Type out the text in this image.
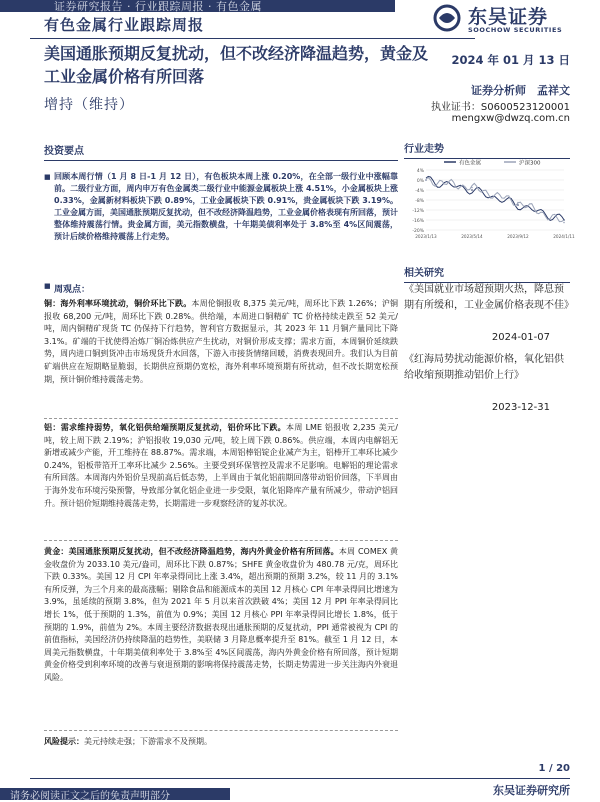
证券研究报告 · 行业跟踪周报 · 有色金属
有色金属行业跟踪周报	东吴证券
SOOCHOW SECURITIES
美国通胀预期反复扰动，但不改经济降温趋势，黄金及工业金属价格有所回落
增持（维持）
2024 年 01 月 13 日
证券分析师　孟祥文
执业证书：S0600523120001
mengxw@dwzq.com.cn
投资要点
■ 回顾本周行情（1 月 8 日-1 月 12 日），有色板块本周上涨 0.20%，在全部一级行业中涨幅靠前。二级行业方面，周内申万有色金属类二级行业中能源金属板块上涨 4.51%，小金属板块上涨 0.33%，金属新材料板块下跌 0.89%，工业金属板块下跌 0.91%，贵金属板块下跌 3.19%。工业金属方面，美国通胀预期反复扰动，但不改经济降温趋势，工业金属价格表现有所回落，预计整体维持震荡行情。贵金属方面，美元指数横盘，十年期美债利率处于 3.8%至 4%区间震荡，预计后续价格维持震荡上行走势。
■ 周观点：
铜：海外利率环境扰动，铜价环比下跌。本周伦铜报收 8,375 美元/吨，周环比下跌 1.26%；沪铜报收 68,200 元/吨，周环比下跌 0.28%。供给端，本周进口铜精矿 TC 价格持续走跌至 52 美元/吨，周内铜精矿现货 TC 仍保持下行趋势，智利官方数据显示，其 2023 年 11 月铜产量同比下降 3.1%。矿端的干扰使得冶炼厂铜冶炼供应产生扰动，对铜价形成支撑；需求方面，本周铜价延续跌势，周内进口铜到货冲击市场现货升水回落，下游入市接货情绪回暖，消费表现回升。我们认为目前矿端供应在短期略显脆弱，长期供应预期仍宽松，海外利率环境预期有所扰动，但不改长期宽松预期，预计铜价维持震荡走势。
铝：需求维持弱势，氧化铝供给端预期反复扰动，铝价环比下跌。本周 LME 铝报收 2,235 美元/吨，较上周下跌 2.19%；沪铝报收 19,030 元/吨，较上周下跌 0.86%。供应端，本周内电解铝无新增或减少产能，开工维持在 88.87%。需求端，本周铝棒铝锭企业减产为主，铝棒开工率环比减少 0.24%，铝板带箔开工率环比减少 2.56%。主要受到环保管控及需求不足影响。电解铝的理论需求有所回落。本周海内外铝价呈现前高后低态势，上半周由于氧化铝前期回落带动铝价回落，下半周由于海外发布环境污染预警，导致部分氧化铝企业进一步受限，氧化铝降库产量有所减少，带动沪铝回升。预计铝价短期维持震荡走势，长期需进一步观察经济的复苏状况。
黄金：美国通胀预期反复扰动，但不改经济降温趋势，海内外黄金价格有所回落。本周 COMEX 黄金收盘价为 2033.10 美元/盎司，周环比下跌 0.87%；SHFE 黄金收盘价为 480.78 元/克，周环比下跌 0.33%。美国 12 月 CPI 年率录得同比上涨 3.4%，超出预期的预期 3.2%，较 11 月的 3.1%有所反弹，为三个月来的最高涨幅；剔除食品和能源成本的美国 12 月核心 CPI 年率录得同比增速为 3.9%，虽延续的预期 3.8%，但为 2021 年 5 月以来首次跌破 4%；美国 12 月 PPI 年率录得同比增长 1%，低于预期的 1.3%，前值为 0.9%；美国 12 月核心 PPI 年率录得同比增长 1.8%，低于预期的 1.9%，前值为 2%。本周主要经济数据表现出通胀预期的反复扰动，PPI 通常被视为 CPI 的前值指标，美国经济仍持续降温的趋势性，美联储 3 月降息概率提升至 81%。截至 1 月 12 日，本周美元指数横盘，十年期美债利率处于 3.8%至 4%区间震荡，海内外黄金价格有所回落，预计短期黄金价格受到利率环境的改善与衰退预期的影响将保持震荡走势，长期走势需进一步关注海内外衰退风险。
风险提示：美元持续走强；下游需求不及预期。
行业走势
有色金属	沪深300
4%
0%
-4%
-8%
-12%
-16%
-20%
2023/1/13	2023/5/14	2023/9/12	2024/1/11
相关研究
《美国就业市场超预期火热，降息预期有所缓和，工业金属价格表现不佳》
2024-01-07
《红海局势扰动能源价格，氧化铝供给收缩预期推动铝价上行》
2023-12-31
1 / 20
请务必阅读正文之后的免责声明部分	东吴证券研究所
